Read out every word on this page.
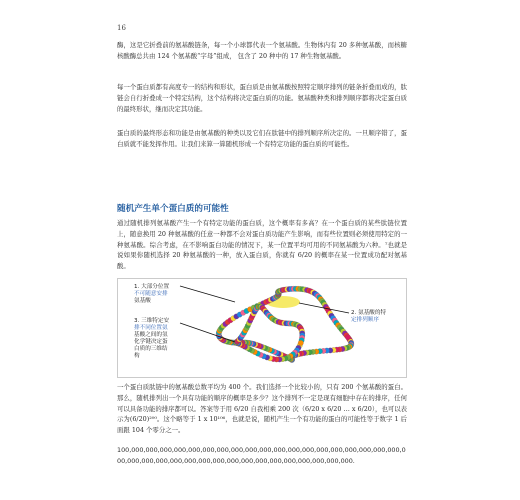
16

酶，这是它折叠前的氨基酸链条，每一个小球都代表一个氨基酸。生物体内有 20 多种氨基酸，而核糖核酸酶总共由 124 个氨基酸“字母”组成， 包含了 20 种中的 17 种生物氨基酸。

每一个蛋白质都有高度专一的结构和形状，蛋白质是由氨基酸按照特定顺序排列的链条折叠而成的，肽链会自行折叠成一个特定结构，这个结构将决定蛋白质的功能。氨基酸种类和排列顺序都将决定蛋白质的最终形状，继而决定其功能。

蛋白质的最终形态和功能是由氨基酸的种类以及它们在肽链中的排列顺序所决定的。一旦顺序错了，蛋白质就不能发挥作用。让我们来算一算随机形成一个有特定功能的蛋白质的可能性。

随机产生单个蛋白质的可能性

通过随机排列氨基酸产生一个有特定功能的蛋白质，这个概率有多高？在一个蛋白质的某些肽链位置上，随意换用 20 种氨基酸的任意一种都不会对蛋白质功能产生影响，而有些位置则必须使用特定的一种氨基酸。综合考虑，在不影响蛋白功能的情况下，某一位置平均可用的不同氨基酸为六种。⁷也就是说如果你随机选择 20 种氨基酸的一种，放入蛋白质，你就有 6/20 的概率在某一位置成功配对氨基酸。

1. 大部分位置 不可随意安排 氨基酸
2. 氨基酸的特 定排列顺序
3. 三维特定安 排不同位置氨 基酸之间的氢 化学键决定蛋 白质的三维结 构

一个蛋白质肽链中的氨基酸总数平均为 400 个。我们选择一个比较小的，只有 200 个氨基酸的蛋白。那么，随机排列出一个具有功能的顺序的概率是多少？这个排列不一定是现有细胞中存在的排序，任何可以具备功能的排序都可以。答案等于用 6/20 自我相乘 200 次（6/20 x 6/20 … x 6/20），也可以表示为(6/20)²⁰⁰。这个略等于 1 x 10¹⁰⁶，也就是说，随机产生一个有功能的蛋白的可能性等于数字 1 后面跟 104 个零分之一。

100,000,000,000,000,000,000,000,000,000,000,000,000,000,000,000,000,000,000,000,000,000,000,000,000,000,000,000,000,000,000,000,000,000,000,000,000.
